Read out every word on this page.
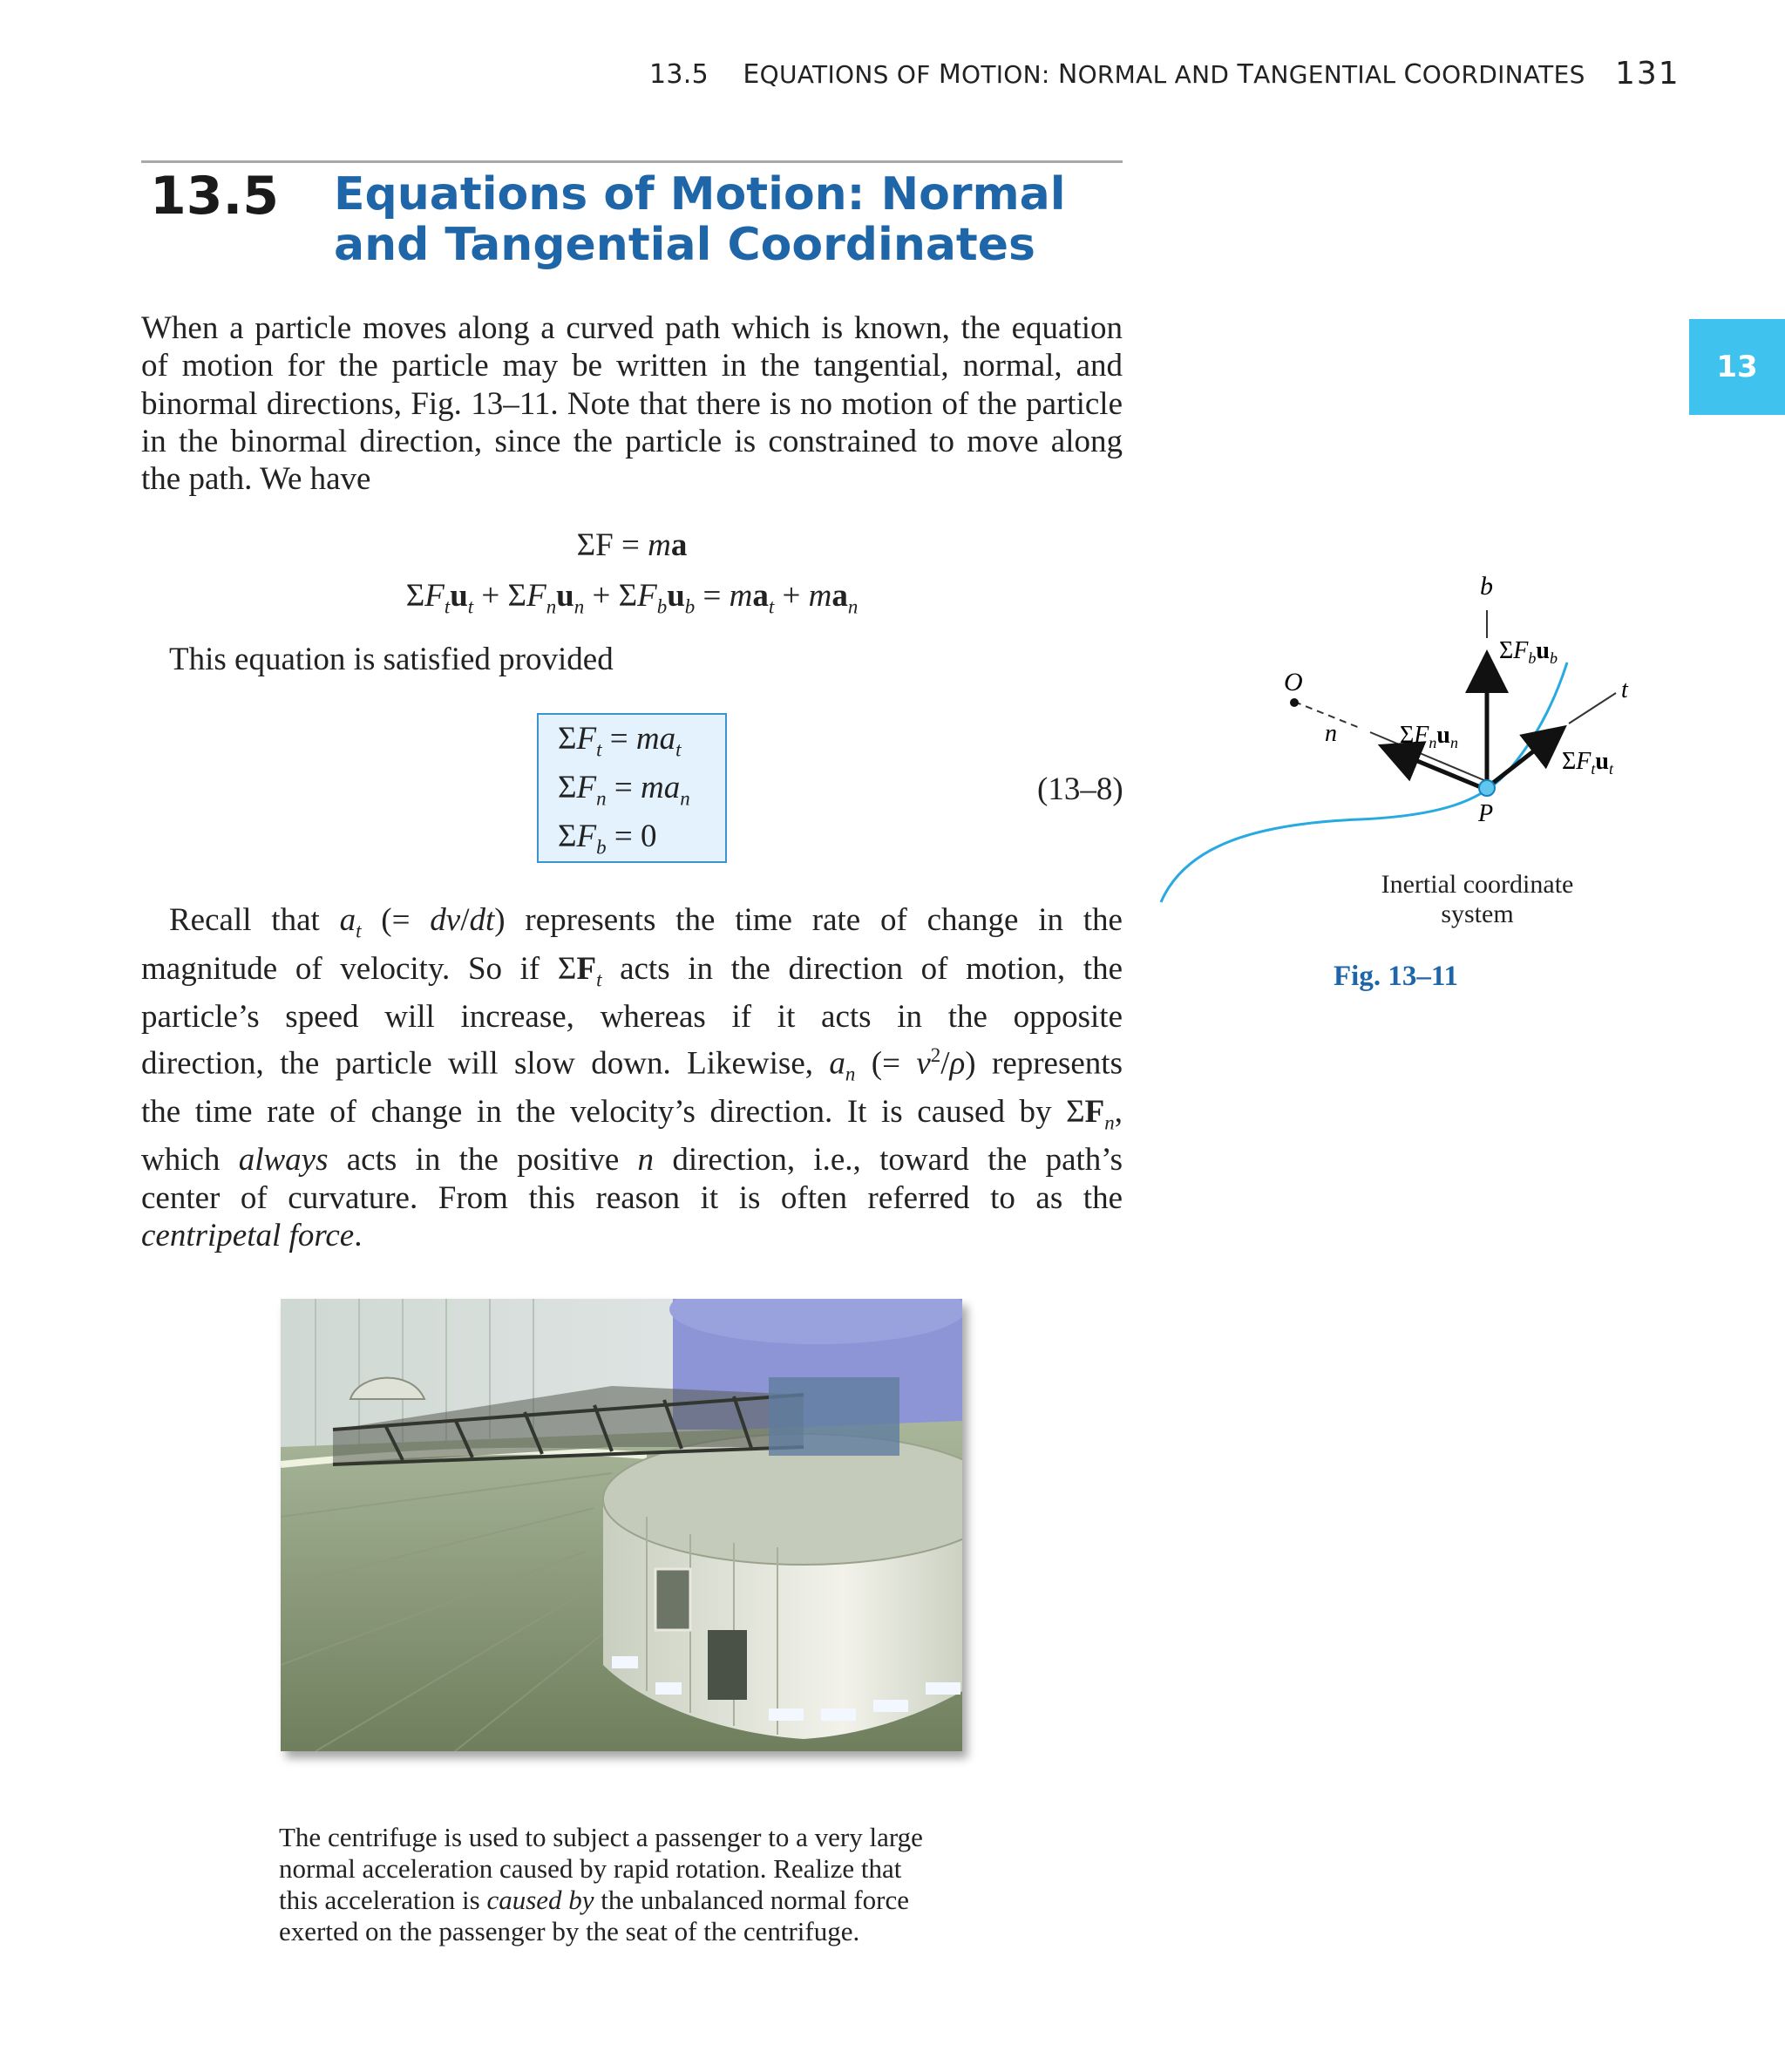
13.5 EQUATIONS OF MOTION: NORMAL AND TANGENTIAL COORDINATES 131
13.5 Equations of Motion: Normal and Tangential Coordinates
13
When a particle moves along a curved path which is known, the equation
of motion for the particle may be written in the tangential, normal, and
binormal directions, Fig. 13–11. Note that there is no motion of the particle
in the binormal direction, since the particle is constrained to move along
the path. We have
ΣF = ma
$\Sigma F_tu_t + \Sigma F_nu_n + \Sigma F_bu_b = ma_t + ma_n$
This equation is satisfied provided
$\Sigma F_t = ma_t$
$\Sigma F_n = ma_n$
$\Sigma F_b = 0$
(13–8)
Recall that $a_t$ (= dv/dt) represents the time rate of change in the
magnitude of velocity. So if $\Sigma F_t$ acts in the direction of motion, the
particle’s speed will increase, whereas if it acts in the opposite
direction, the particle will slow down. Likewise, $a_n$ (= $v^2/\rho$) represents
the time rate of change in the velocity’s direction. It is caused by $\Sigma F_n$,
which always acts in the positive n direction, i.e., toward the path’s
center of curvature. From this reason it is often referred to as the
centripetal force.
b
t
n
O
P
$\Sigma F_bu_b$
$\Sigma F_nu_n$
$\Sigma F_tu_t$
Inertial coordinate
system
Fig. 13–11
The centrifuge is used to subject a passenger to a very large
normal acceleration caused by rapid rotation. Realize that
this acceleration is caused by the unbalanced normal force
exerted on the passenger by the seat of the centrifuge.
